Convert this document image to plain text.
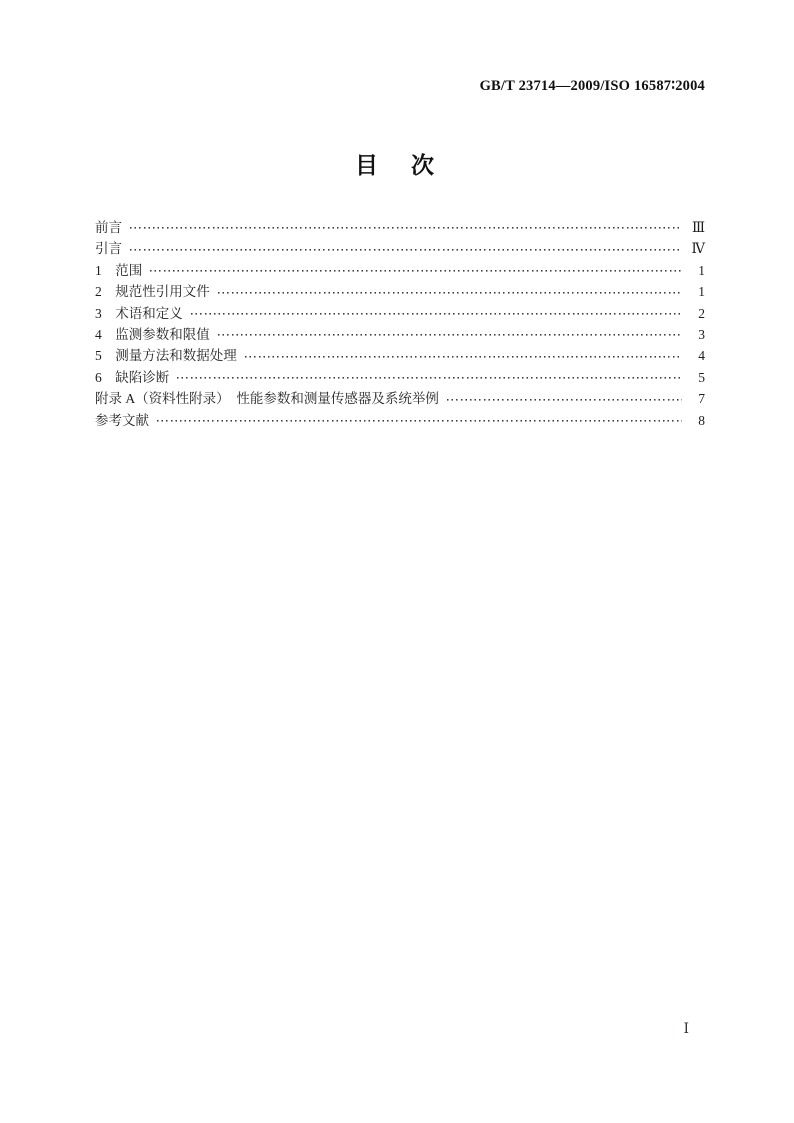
GB/T 23714—2009/ISO 16587∶2004
目　次
前言	Ⅲ
引言	Ⅳ
1　范围	1
2　规范性引用文件	1
3　术语和定义	2
4　监测参数和限值	3
5　测量方法和数据处理	4
6　缺陷诊断	5
附录 A（资料性附录）　性能参数和测量传感器及系统举例	7
参考文献	8
Ⅰ
